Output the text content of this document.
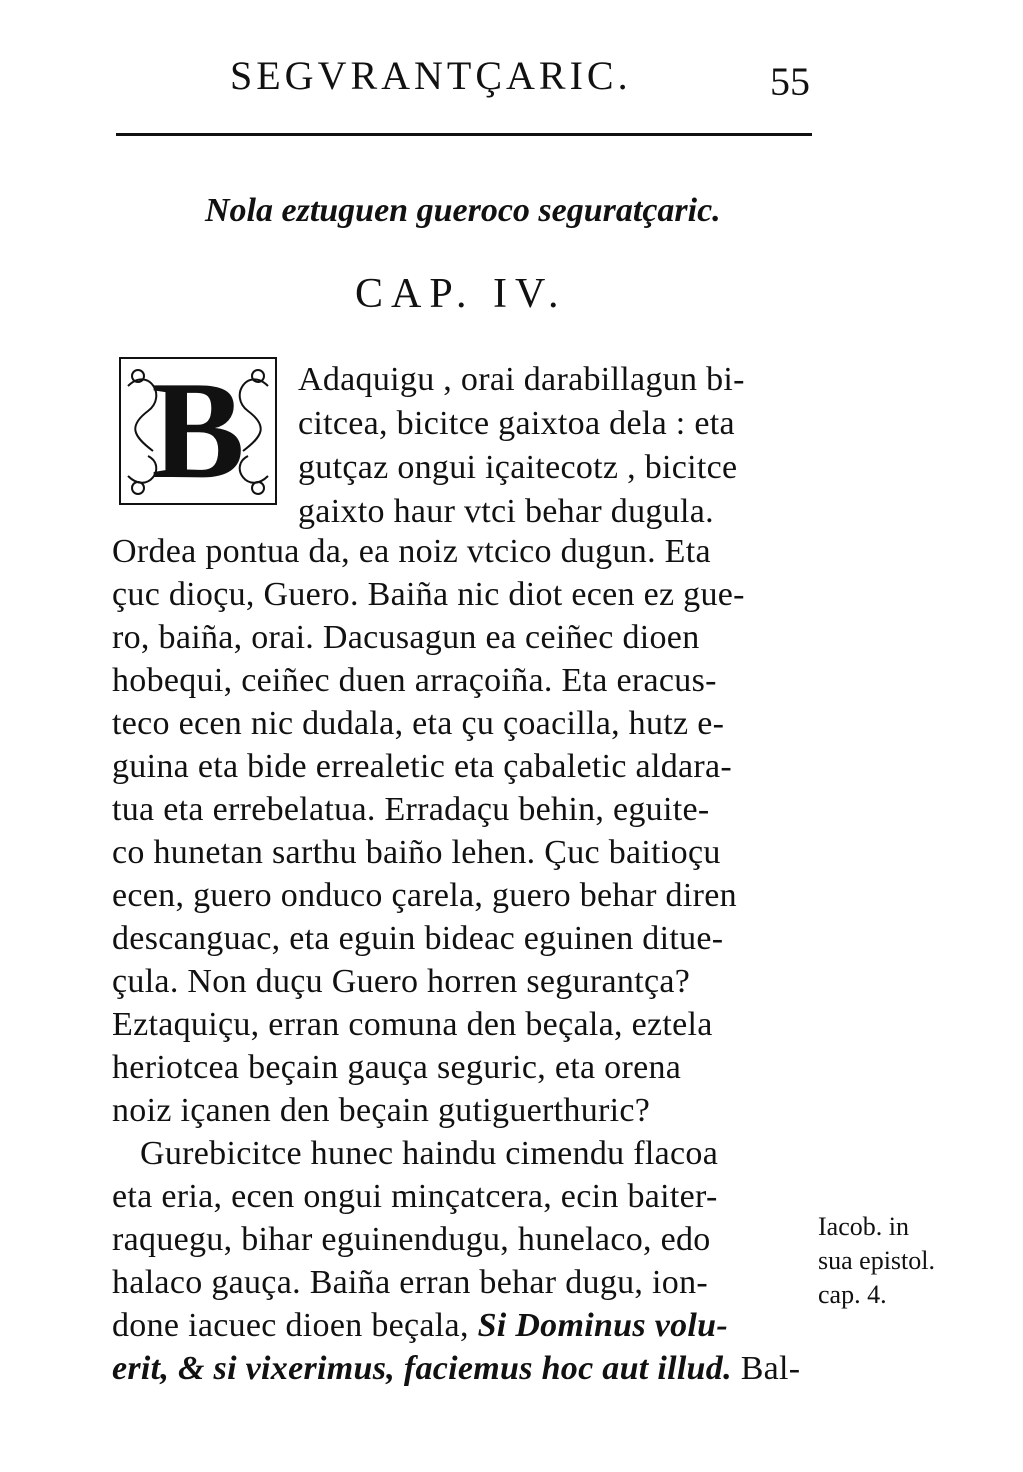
SEGVRANTÇARIC.	55
Nola eztuguen gueroco seguratçaric.
CAP. IV.
B	Adaquigu , orai darabillagun bi-
citcea, bicitce gaixtoa dela : eta
gutçaz ongui içaitecotz , bicitce
gaixto haur vtci behar dugula.
Ordea pontua da, ea noiz vtcico dugun. Eta
çuc dioçu, Guero. Baiña nic diot ecen ez gue-
ro, baiña, orai. Dacusagun ea ceiñec dioen
hobequi, ceiñec duen arraçoiña. Eta eracus-
teco ecen nic dudala, eta çu çoacilla, hutz e-
guina eta bide errealetic eta çabaletic aldara-
tua eta errebelatua. Erradaçu behin, eguite-
co hunetan sarthu baiño lehen. Çuc baitioçu
ecen, guero onduco çarela, guero behar diren
descanguac, eta eguin bideac eguinen ditue-
çula. Non duçu Guero horren segurantça?
Eztaquiçu, erran comuna den beçala, eztela
heriotcea beçain gauça seguric, eta orena
noiz içanen den beçain gutiguerthuric?
Gurebicitce hunec haindu cimendu flacoa
eta eria, ecen ongui minçatcera, ecin baiter-
raquegu, bihar eguinendugu, hunelaco, edo
halaco gauça. Baiña erran behar dugu, ion-
done iacuec dioen beçala, Si Dominus volu-
erit, & si vixerimus, faciemus hoc aut illud. Bal-
Iacob. in
sua epistol.
cap. 4.
